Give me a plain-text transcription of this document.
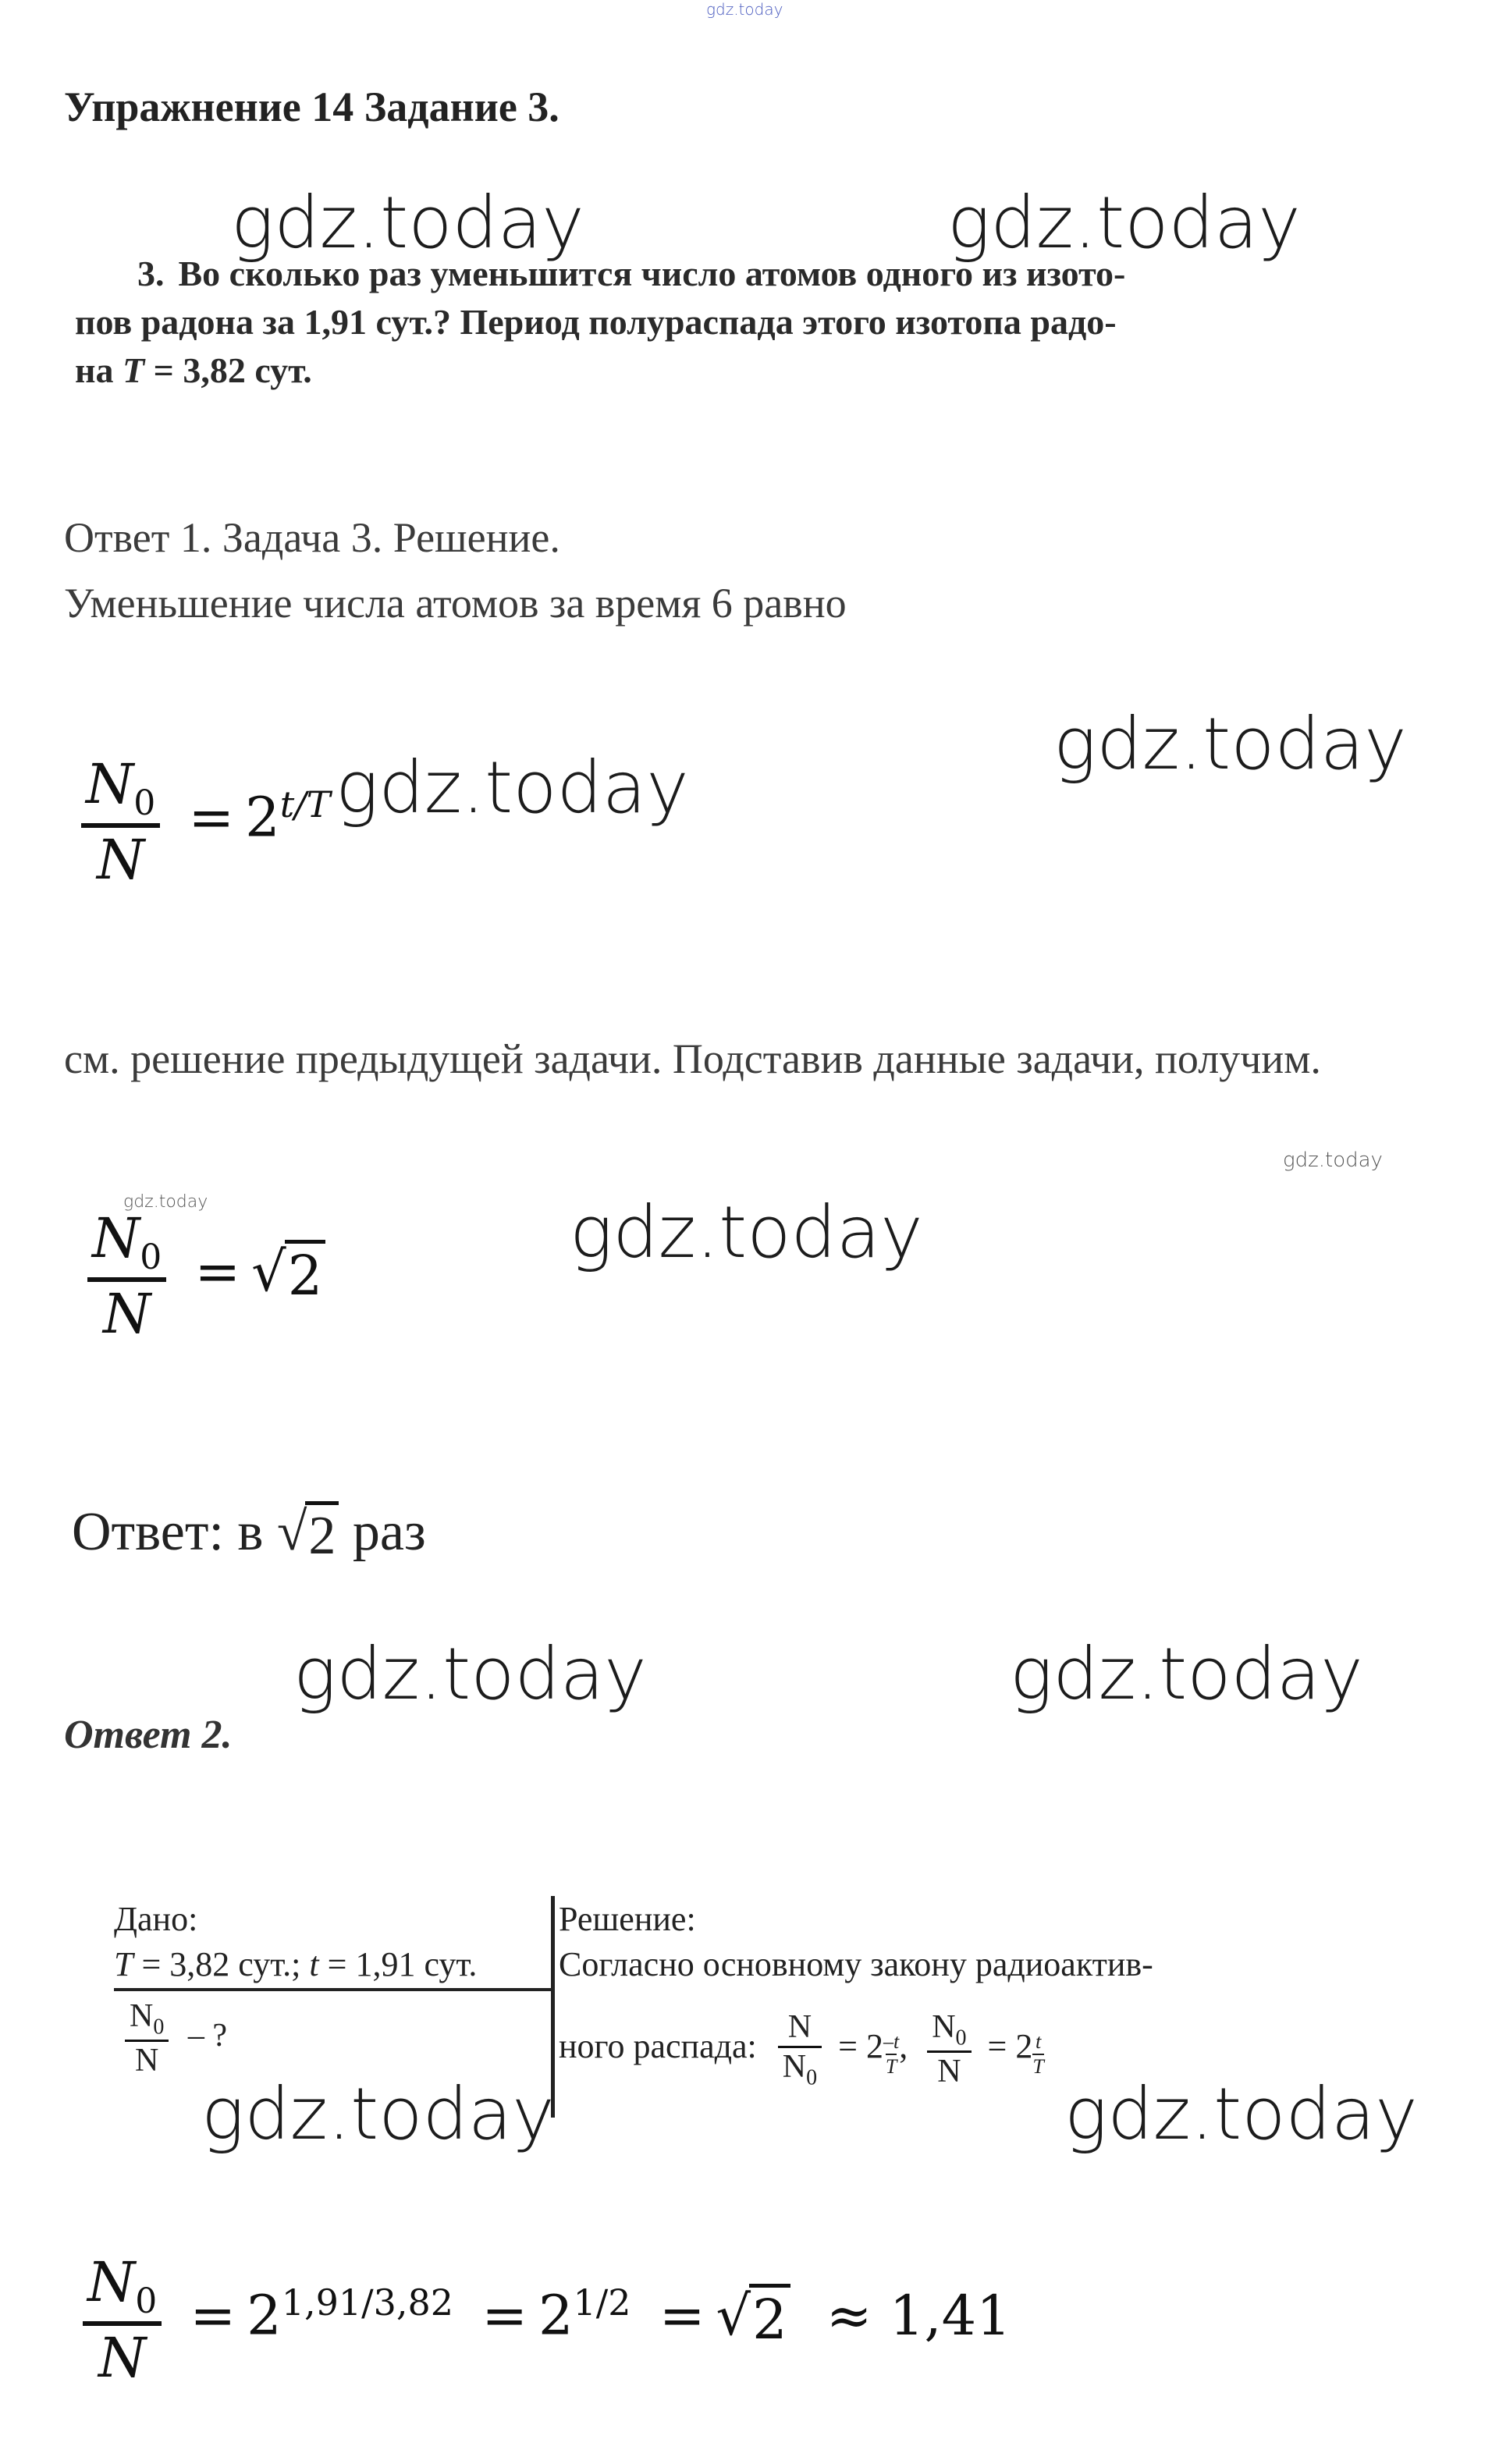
gdz.today
Упражнение 14 Задание 3.
gdz.today	gdz.today
3. Во сколько раз уменьшится число атомов одного из изото-
пов радона за 1,91 сут.? Период полураспада этого изотопа радо-
на T = 3,82 сут.
Ответ 1. Задача 3. Решение.
Уменьшение числа атомов за время 6 равно
gdz.today
$N_0$
N
= $2^{t/T}$ gdz.today
см. решение предыдущей задачи. Подставив данные задачи, получим.
gdz.today
gdz.today
$N_0$
N
= √ 2
gdz.today
Ответ: в √ 2 раз
gdz.today	gdz.today
Ответ 2.
Дано:
T = 3,82 сут.; t = 1,91 сут.
$\frac{N_0}{N}$ – ?
Решение:
Согласно основному закону радиоактив-
ного распада: $\frac{N}{N_0} = 2$ $^{\frac{-t}{T}}$ , $\frac{N_0}{N} = 2$ $^{\frac{t}{T}}$
gdz.today	gdz.today
$N_0$
N
= $2^{1,91/3,82} = 2^{1/2}$ = √ 2 ≈ 1,41
